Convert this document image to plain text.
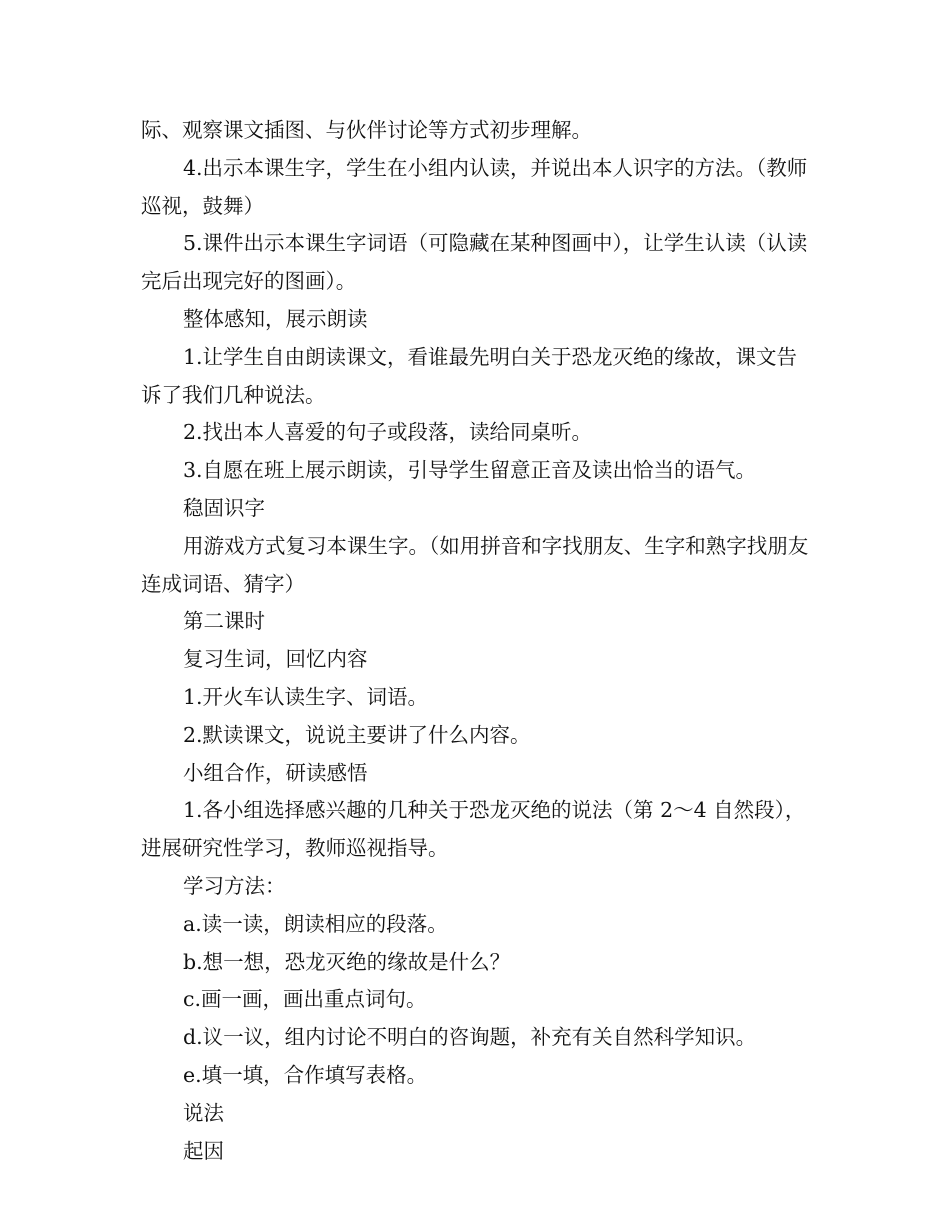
际、观察课文插图、与伙伴讨论等方式初步理解。

4.出示本课生字，学生在小组内认读，并说出本人识字的方法。（教师巡视，鼓舞）

5.课件出示本课生字词语（可隐藏在某种图画中），让学生认读（认读完后出现完好的图画）。

整体感知，展示朗读

1.让学生自由朗读课文，看谁最先明白关于恐龙灭绝的缘故，课文告诉了我们几种说法。

2.找出本人喜爱的句子或段落，读给同桌听。

3.自愿在班上展示朗读，引导学生留意正音及读出恰当的语气。

稳固识字

用游戏方式复习本课生字。（如用拼音和字找朋友、生字和熟字找朋友连成词语、猜字）

第二课时

复习生词，回忆内容

1.开火车认读生字、词语。

2.默读课文，说说主要讲了什么内容。

小组合作，研读感悟

1.各小组选择感兴趣的几种关于恐龙灭绝的说法（第 2～4 自然段），进展研究性学习，教师巡视指导。

学习方法：

a.读一读，朗读相应的段落。

b.想一想，恐龙灭绝的缘故是什么？

c.画一画，画出重点词句。

d.议一议，组内讨论不明白的咨询题，补充有关自然科学知识。

e.填一填，合作填写表格。

说法

起因
